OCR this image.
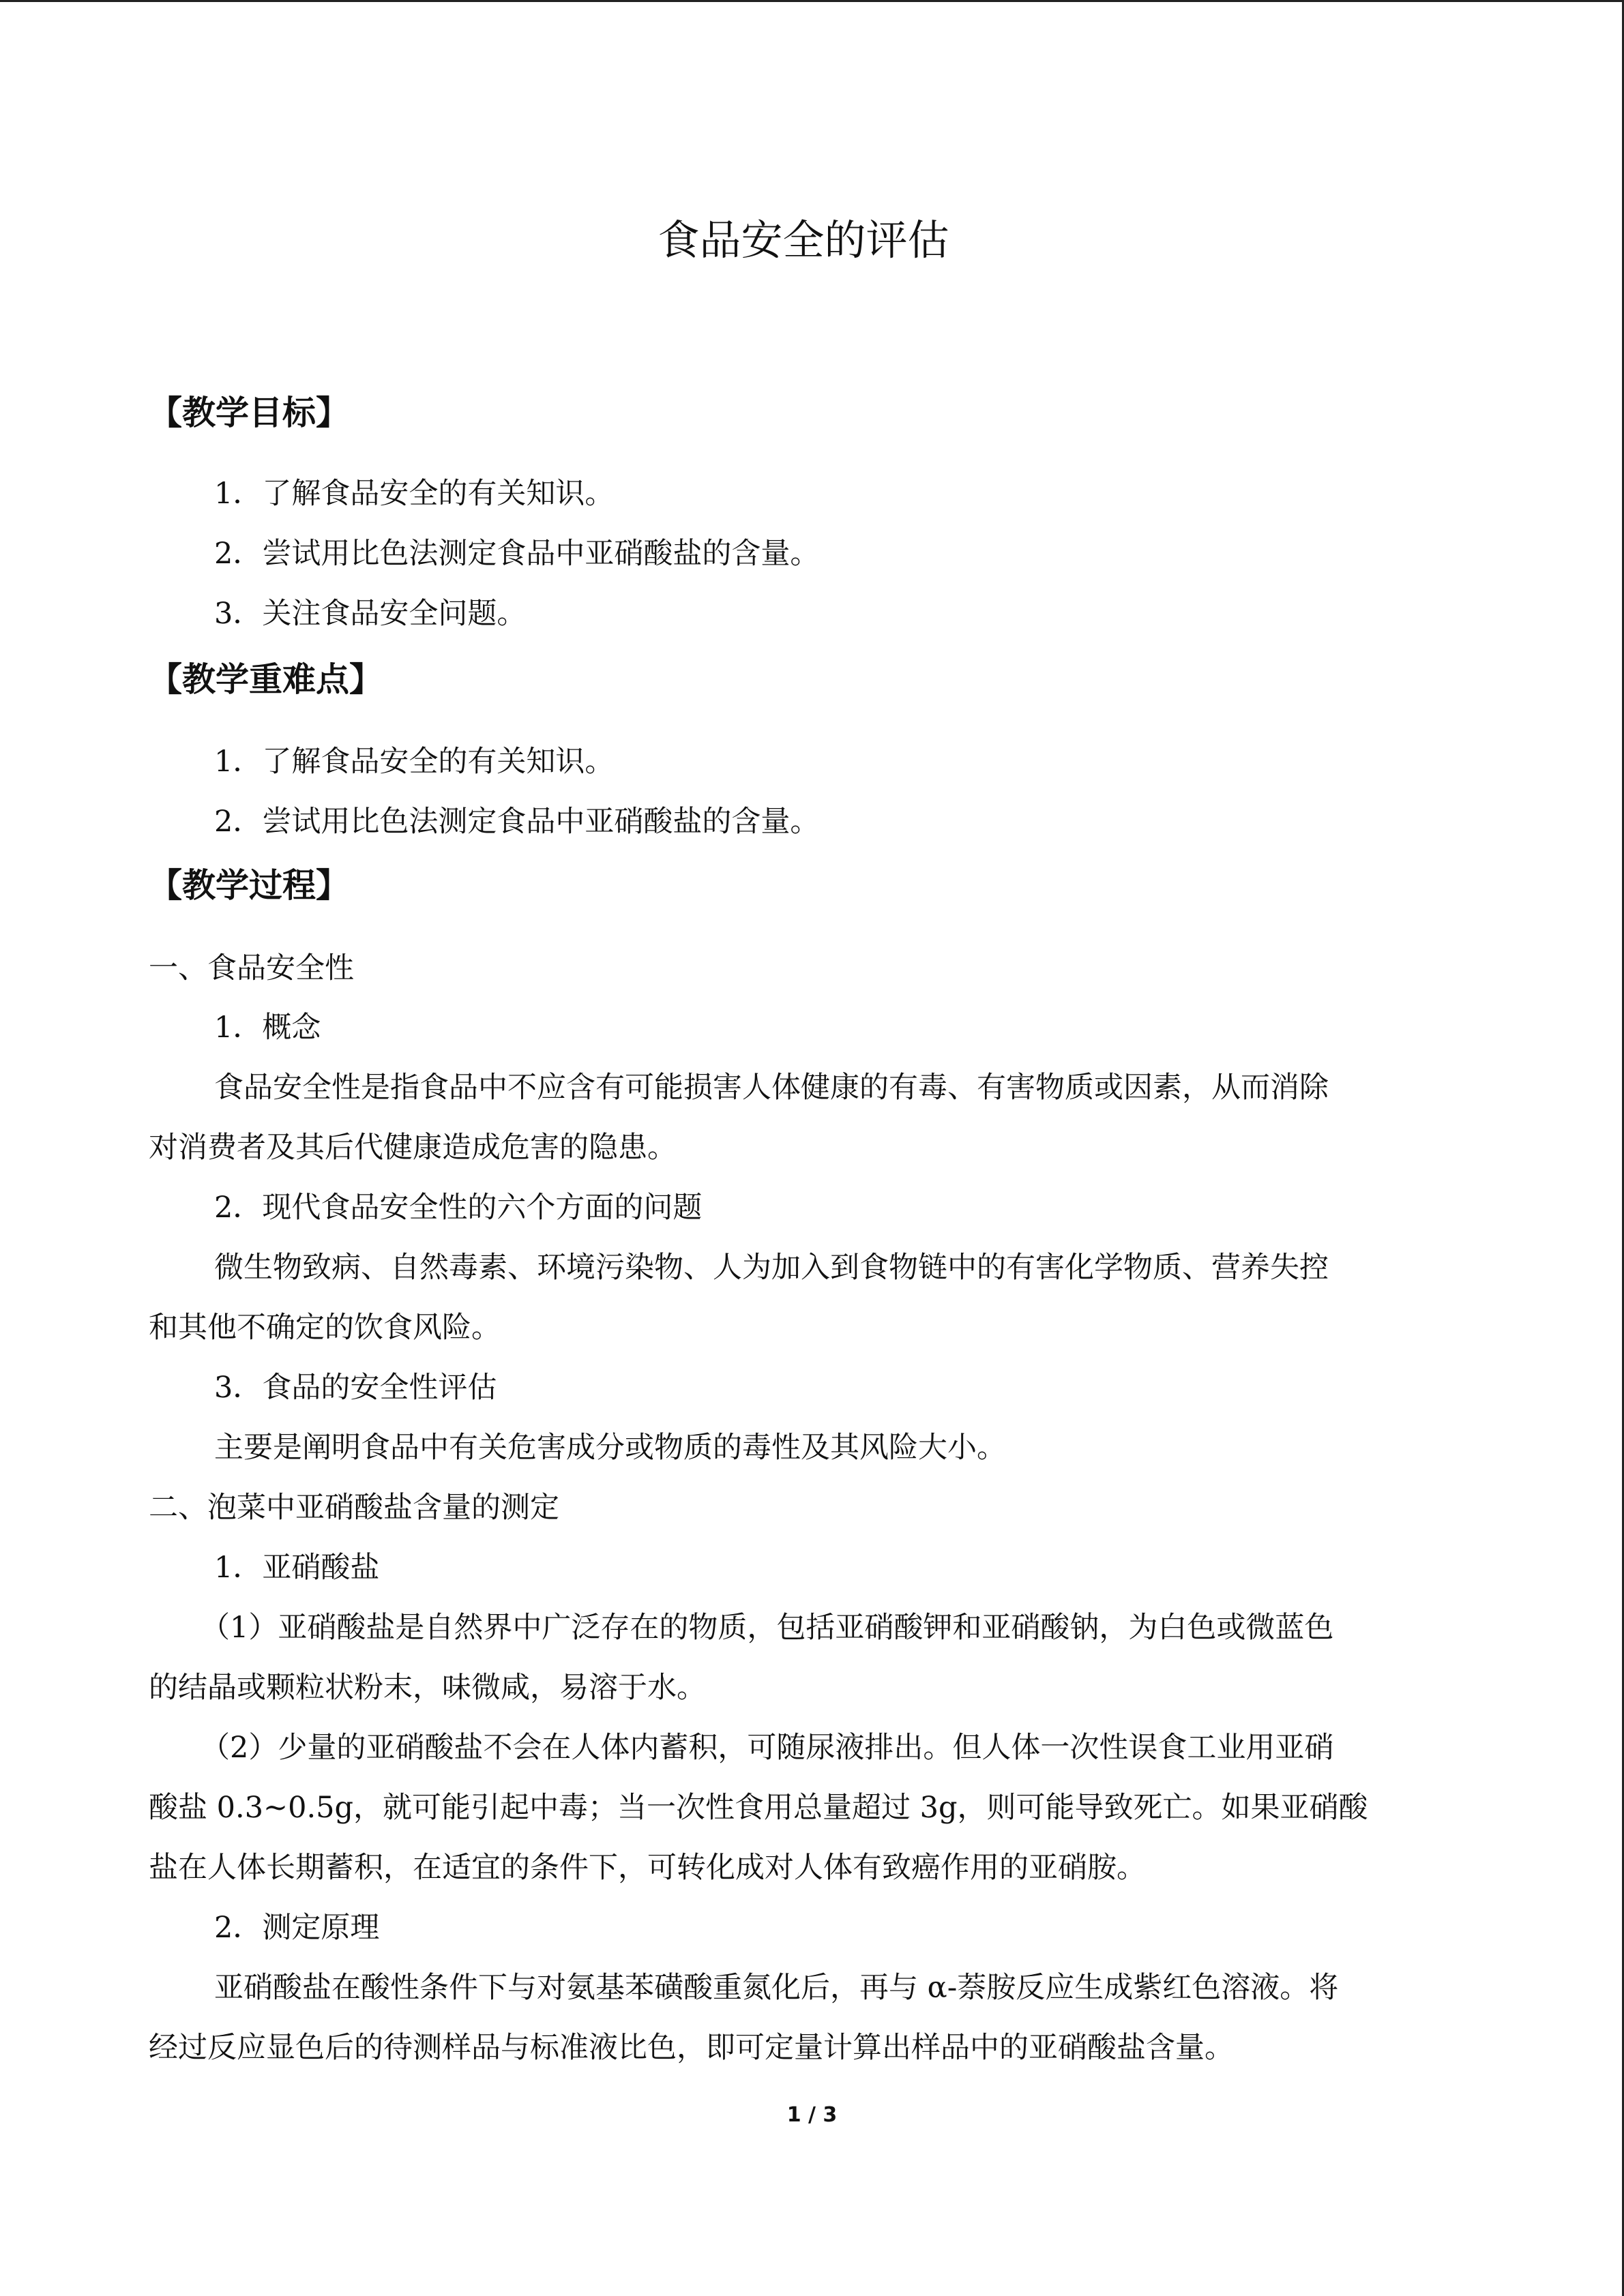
食品安全的评估
【教学目标】

1．了解食品安全的有关知识。

2．尝试用比色法测定食品中亚硝酸盐的含量。

3．关注食品安全问题。

【教学重难点】

1．了解食品安全的有关知识。

2．尝试用比色法测定食品中亚硝酸盐的含量。

【教学过程】

一、食品安全性

1．概念

食品安全性是指食品中不应含有可能损害人体健康的有毒、有害物质或因素，从而消除

对消费者及其后代健康造成危害的隐患。

2．现代食品安全性的六个方面的问题

微生物致病、自然毒素、环境污染物、人为加入到食物链中的有害化学物质、营养失控

和其他不确定的饮食风险。

3．食品的安全性评估

主要是阐明食品中有关危害成分或物质的毒性及其风险大小。

二、泡菜中亚硝酸盐含量的测定

1．亚硝酸盐

（1）亚硝酸盐是自然界中广泛存在的物质，包括亚硝酸钾和亚硝酸钠，为白色或微蓝色

的结晶或颗粒状粉末，味微咸，易溶于水。

（2）少量的亚硝酸盐不会在人体内蓄积，可随尿液排出。但人体一次性误食工业用亚硝

酸盐 0.3~0.5g，就可能引起中毒；当一次性食用总量超过 3g，则可能导致死亡。如果亚硝酸

盐在人体长期蓄积，在适宜的条件下，可转化成对人体有致癌作用的亚硝胺。

2．测定原理

亚硝酸盐在酸性条件下与对氨基苯磺酸重氮化后，再与 α-萘胺反应生成紫红色溶液。将

经过反应显色后的待测样品与标准液比色，即可定量计算出样品中的亚硝酸盐含量。

1 / 3
